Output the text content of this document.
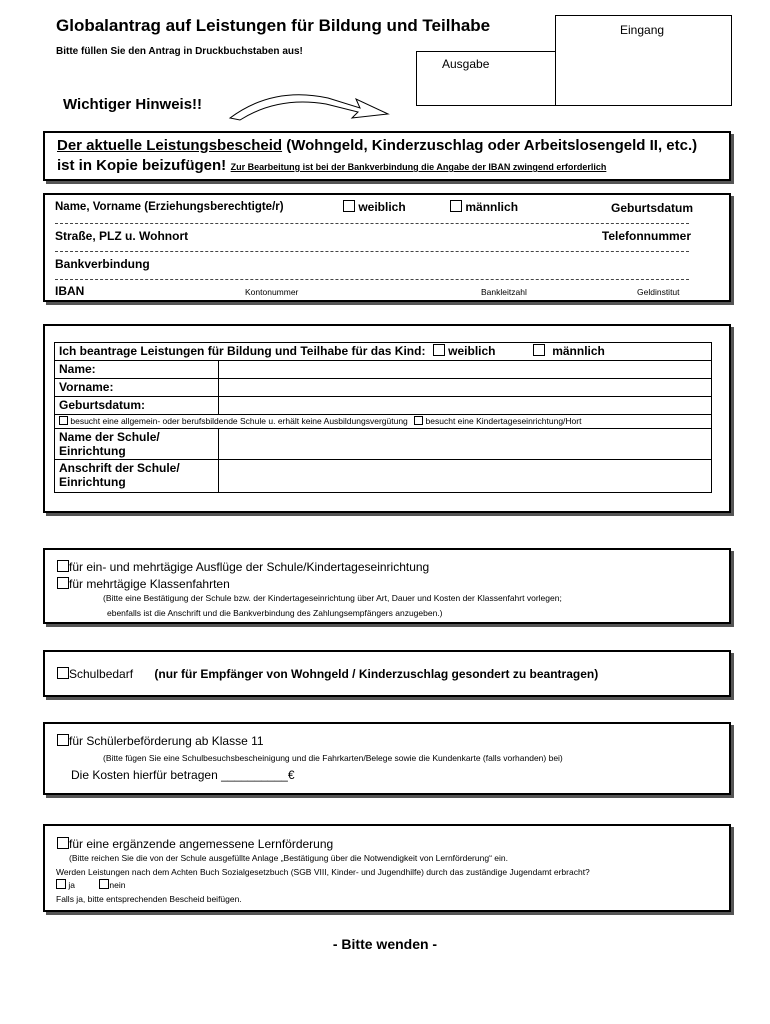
Globalantrag auf Leistungen für Bildung und Teilhabe
Bitte füllen Sie den Antrag in Druckbuchstaben aus!
Eingang
Ausgabe
Wichtiger Hinweis!!
Der aktuelle Leistungsbescheid (Wohngeld, Kinderzuschlag oder Arbeitslosengeld II, etc.)
ist in Kopie beizufügen! Zur Bearbeitung ist bei der Bankverbindung die Angabe der IBAN zwingend erforderlich
Name, Vorname (Erziehungsberechtigte/r)	weiblich	männlich	Geburtsdatum
Straße, PLZ u. Wohnort	Telefonnummer
Bankverbindung
IBAN	Kontonummer	Bankleitzahl	Geldinstitut
Ich beantrage Leistungen für Bildung und Teilhabe für das Kind: weiblich männlich	
Name:	
Vorname:	
Geburtsdatum:	
besucht eine allgemein- oder berufsbildende Schule u. erhält keine Ausbildungsvergütung besucht eine Kindertageseinrichtung/Hort	
Name der Schule/ Einrichtung	
Anschrift der Schule/ Einrichtung	
für ein- und mehrtägige Ausflüge der Schule/Kindertageseinrichtung
für mehrtägige Klassenfahrten
(Bitte eine Bestätigung der Schule bzw. der Kindertageseinrichtung über Art, Dauer und Kosten der Klassenfahrt vorlegen;
ebenfalls ist die Anschrift und die Bankverbindung des Zahlungsempfängers anzugeben.)
Schulbedarf (nur für Empfänger von Wohngeld / Kinderzuschlag gesondert zu beantragen)
für Schülerbeförderung ab Klasse 11
(Bitte fügen Sie eine Schulbesuchsbescheinigung und die Fahrkarten/Belege sowie die Kundenkarte (falls vorhanden) bei)
Die Kosten hierfür betragen __________€
für eine ergänzende angemessene Lernförderung
(Bitte reichen Sie die von der Schule ausgefüllte Anlage „Bestätigung über die Notwendigkeit von Lernförderung“ ein.
Werden Leistungen nach dem Achten Buch Sozialgesetzbuch (SGB VIII, Kinder- und Jugendhilfe) durch das zuständige Jugendamt erbracht?
ja	nein
Falls ja, bitte entsprechenden Bescheid beifügen.
- Bitte wenden -
